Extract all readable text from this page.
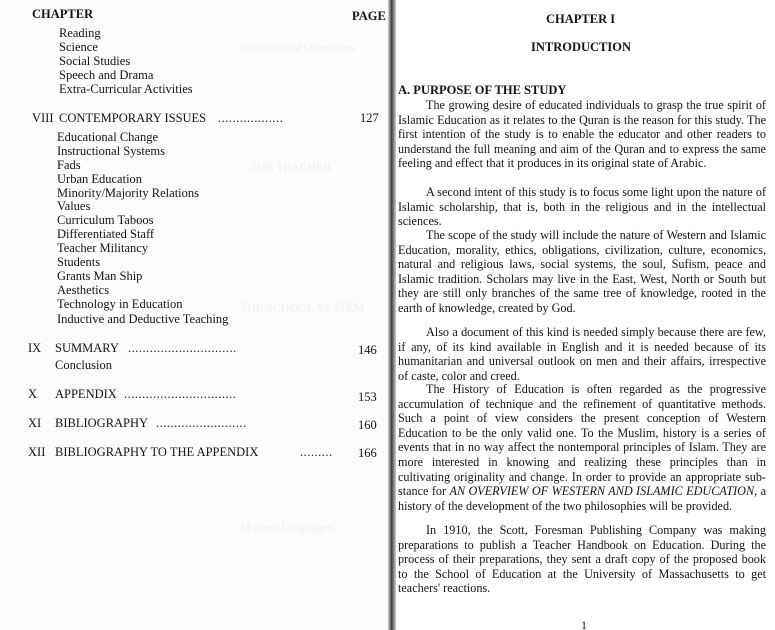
Instructional Objectives
THE TEACHER
THE SCHOOL SYSTEM
Modern Languages
CHAPTER	PAGE
Reading
Science
Social Studies
Speech and Drama
Extra-Curricular Activities
VIII CONTEMPORARY ISSUES ..................	127
Educational Change
Instructional Systems
Fads
Urban Education
Minority/Majority Relations
Values
Curriculum Taboos
Differentiated Staff
Teacher Militancy
Students
Grants Man Ship
Aesthetics
Technology in Education
Inductive and Deductive Teaching
IX SUMMARY ..............................	146
Conclusion
X APPENDIX ...............................	153
XI BIBLIOGRAPHY .........................	160
XII BIBLIOGRAPHY TO THE APPENDIX	......... 166
CHAPTER I
INTRODUCTION
A. PURPOSE OF THE STUDY

The growing desire of educated individuals to grasp the true spirit of Islamic Education as it relates to the Quran is the reason for this study. The first intention of the study is to enable the educator and other readers to understand the full meaning and aim of the Quran and to express the same feeling and effect that it produces in its original state of Arabic.

A second intent of this study is to focus some light upon the nature of Islamic scholarship, that is, both in the religious and in the intellectual sciences.

The scope of the study will include the nature of Western and Islamic Education, morality, ethics, obligations, civilization, culture, economics, natural and religious laws, social systems, the soul, Sufism, peace and Islamic tradition. Scholars may live in the East, West, North or South but they are still only branches of the same tree of knowledge, rooted in the earth of knowledge, created by God.

Also a document of this kind is needed simply because there are few, if any, of its kind available in English and it is needed because of its humanitarian and universal outlook on men and their affairs, irrespective of caste, color and creed.

The History of Education is often regarded as the progressive accumulation of technique and the refinement of quantitative methods. Such a point of view considers the present conception of Western Education to be the only valid one. To the Muslim, history is a series of events that in no way affect the nontemporal principles of Islam. They are more interested in knowing and realizing these principles than in cultivating originality and change. In order to provide an appropriate sub-stance for AN OVERVIEW OF WESTERN AND ISLAMIC EDUCATION, a history of the development of the two philosophies will be provided.

In 1910, the Scott, Foresman Publishing Company was making preparations to publish a Teacher Handbook on Education. During the process of their preparations, they sent a draft copy of the proposed book to the School of Education at the University of Massachusetts to get teachers' reactions.

1
